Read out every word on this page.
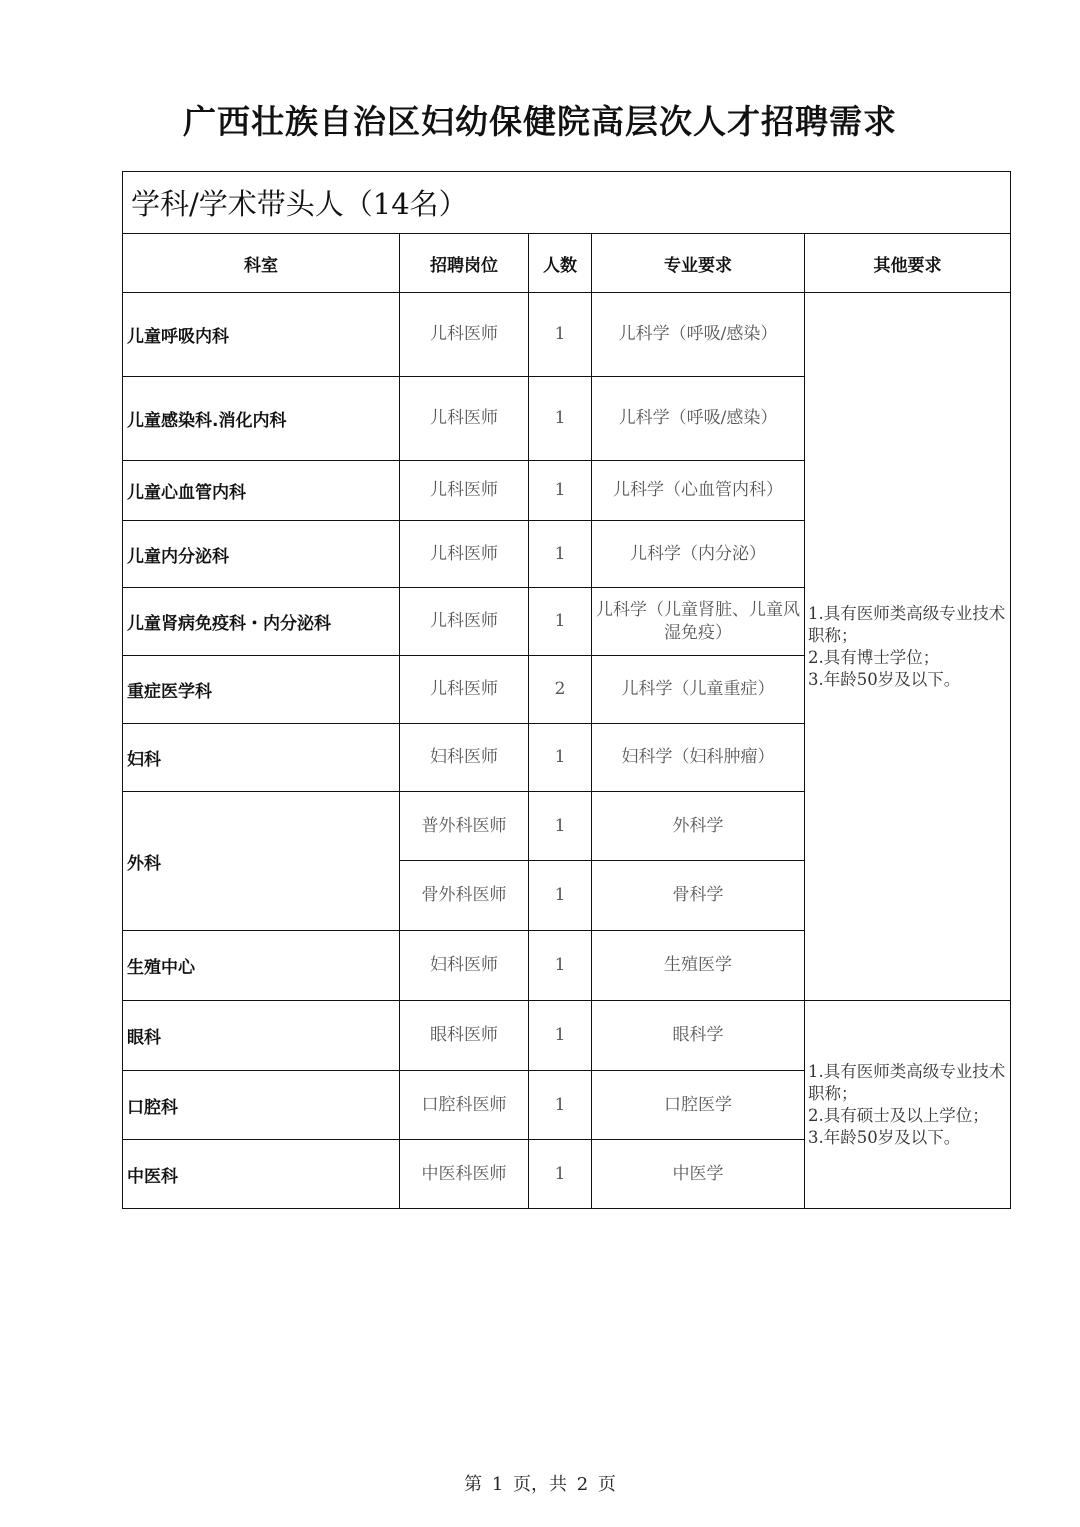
广西壮族自治区妇幼保健院高层次人才招聘需求
学科/学术带头人（14名）				
科室	招聘岗位	人数	专业要求	其他要求
儿童呼吸内科	儿科医师	1	儿科学（呼吸/感染）	1.具有医师类高级专业技术职称；
2.具有博士学位；
3.年龄50岁及以下。

儿童感染科.消化内科	儿科医师	1	儿科学（呼吸/感染）	
儿童心血管内科	儿科医师	1	儿科学（心血管内科）	
儿童内分泌科	儿科医师	1	儿科学（内分泌）	
儿童肾病免疫科・内分泌科	儿科医师	1	儿科学（儿童肾脏、儿童风湿免疫）	
重症医学科	儿科医师	2	儿科学（儿童重症）	
妇科	妇科医师	1	妇科学（妇科肿瘤）	
外科	普外科医师	1	外科学	
	骨外科医师	1	骨科学	
生殖中心	妇科医师	1	生殖医学	
眼科	眼科医师	1	眼科学	1.具有医师类高级专业技术职称；
2.具有硕士及以上学位；
3.年龄50岁及以下。

口腔科	口腔科医师	1	口腔医学	
中医科	中医科医师	1	中医学	
第 1 页，共 2 页
